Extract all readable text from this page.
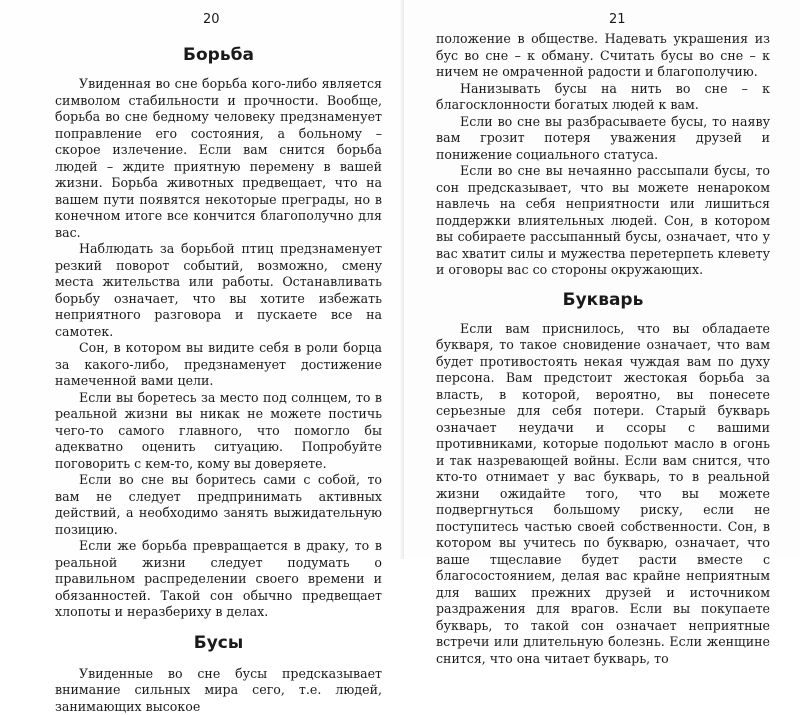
20
Борьба

Увиденная во сне борьба кого-либо является символом стабильности и прочности. Вообще, борьба во сне бедному человеку предзнаменует поправление его состояния, а больному – скорое излечение. Если вам снится борьба людей – ждите приятную перемену в вашей жизни. Борьба животных предвещает, что на вашем пути появятся некоторые преграды, но в конечном итоге все кончится благополучно для вас.

Наблюдать за борьбой птиц предзнаменует резкий поворот событий, возможно, смену места жительства или работы. Останавливать борьбу означает, что вы хотите избежать неприятного разговора и пускаете все на самотек.

Сон, в котором вы видите себя в роли борца за какого-либо, предзнаменует достижение намеченной вами цели.

Если вы боретесь за место под солнцем, то в реальной жизни вы никак не можете постичь чего-то самого главного, что помогло бы адекватно оценить ситуацию. Попробуйте поговорить с кем-то, кому вы доверяете.

Если во сне вы боритесь сами с собой, то вам не следует предпринимать активных действий, а необходимо занять выжидательную позицию.

Если же борьба превращается в драку, то в реальной жизни следует подумать о правильном распределении своего времени и обязанностей. Такой сон обычно предвещает хлопоты и неразбериху в делах.

Бусы

Увиденные во сне бусы предсказывает внимание сильных мира сего, т.е. людей, занимающих высокое

21

положение в обществе. Надевать украшения из бус во сне – к обману. Считать бусы во сне – к ничем не омраченной радости и благополучию.

Нанизывать бусы на нить во сне – к благосклонности богатых людей к вам.

Если во сне вы разбрасываете бусы, то наяву вам грозит потеря уважения друзей и понижение социального статуса.

Если во сне вы нечаянно рассыпали бусы, то сон предсказывает, что вы можете ненароком навлечь на себя неприятности или лишиться поддержки влиятельных людей. Сон, в котором вы собираете рассыпанный бусы, означает, что у вас хватит силы и мужества перетерпеть клевету и оговоры вас со стороны окружающих.

Букварь

Если вам приснилось, что вы обладаете букваря, то такое сновидение означает, что вам будет противостоять некая чуждая вам по духу персона. Вам предстоит жестокая борьба за власть, в которой, вероятно, вы понесете серьезные для себя потери. Старый букварь означает неудачи и ссоры с вашими противниками, которые подольют масло в огонь и так назревающей войны. Если вам снится, что кто-то отнимает у вас букварь, то в реальной жизни ожидайте того, что вы можете подвергнуться большому риску, если не поступитесь частью своей собственности. Сон, в котором вы учитесь по букварю, означает, что ваше тщеславие будет расти вместе с благосостоянием, делая вас крайне неприятным для ваших прежних друзей и источником раздражения для врагов. Если вы покупаете букварь, то такой сон означает неприятные встречи или длительную болезнь. Если женщине снится, что она читает букварь, то
